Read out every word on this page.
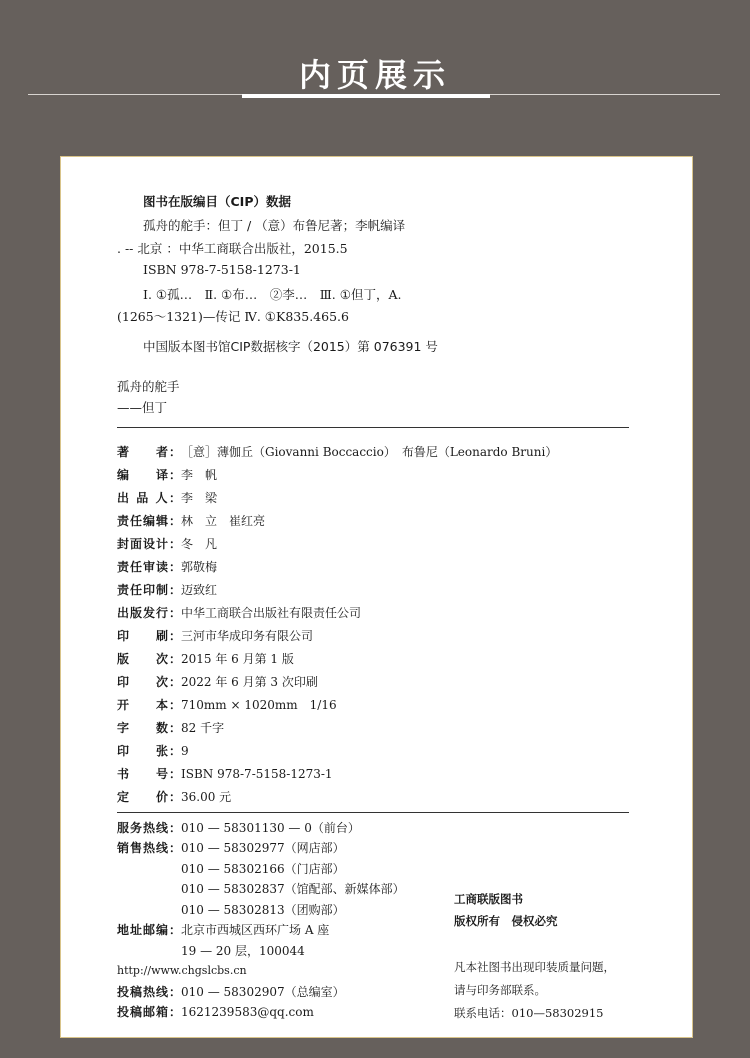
内页展示
图书在版编目（CIP）数据
孤舟的舵手：但丁 / （意）布鲁尼著；李帆编译
. -- 北京 ：中华工商联合出版社，2015.5
ISBN 978-7-5158-1273-1
Ⅰ. ①孤…　Ⅱ. ①布…　②李…　Ⅲ. ①但丁，A.
(1265～1321)—传记 Ⅳ. ①K835.465.6
中国版本图书馆CIP数据核字（2015）第 076391 号
孤舟的舵手
——但丁
著　　者： ［意］薄伽丘（Giovanni Boccaccio）　布鲁尼（Leonardo Bruni）
编　　译： 李　帆
出 品 人： 李　梁
责任编辑： 林　立　崔红亮
封面设计： 冬　凡
责任审读： 郭敬梅
责任印制： 迈致红
出版发行： 中华工商联合出版社有限责任公司
印　　刷： 三河市华成印务有限公司
版　　次： 2015 年 6 月第 1 版
印　　次： 2022 年 6 月第 3 次印刷
开　　本： 710mm × 1020mm　1/16
字　　数： 82 千字
印　　张： 9
书　　号： ISBN 978-7-5158-1273-1
定　　价： 36.00 元
服务热线： 010 — 58301130 — 0（前台）
销售热线： 010 — 58302977（网店部）
010 — 58302166（门店部）
010 — 58302837（馆配部、新媒体部）
010 — 58302813（团购部）
地址邮编： 北京市西城区西环广场 A 座
19 — 20 层，100044
http://www.chgslcbs.cn
投稿热线： 010 — 58302907（总编室）
投稿邮箱： 1621239583@qq.com
工商联版图书
版权所有　侵权必究
凡本社图书出现印装质量问题，
请与印务部联系。
联系电话：010—58302915
